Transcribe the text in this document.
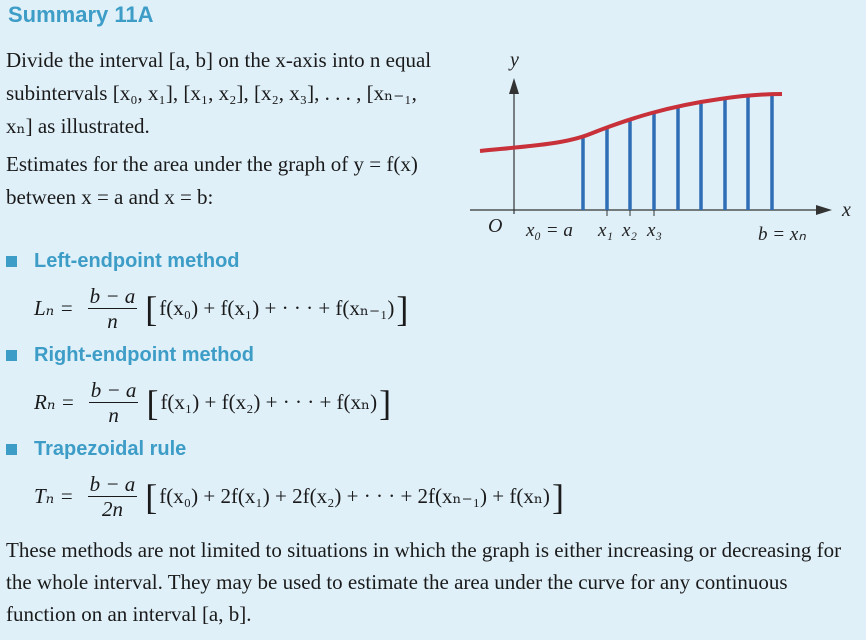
Summary 11A
Divide the interval [a, b] on the x-axis into n equal subintervals [x₀, x₁], [x₁, x₂], [x₂, x₃], . . . , [xₙ₋₁, xₙ] as illustrated.
Estimates for the area under the graph of y = f(x) between x = a and x = b:
y
x
O x₀ = a x₁ x₂ x₃	b = xₙ
Left-endpoint method
$L_n = \frac{b - a}{n}$ [ f(x₀) + f(x₁) + · · · + f(xₙ₋₁) ]
Right-endpoint method
$R_n = \frac{b - a}{n}$ [ f(x₁) + f(x₂) + · · · + f(xₙ) ]
Trapezoidal rule
$T_n = \frac{b - a}{2n}$ [ f(x₀) + 2f(x₁) + 2f(x₂) + · · · + 2f(xₙ₋₁) + f(xₙ) ]
These methods are not limited to situations in which the graph is either increasing or decreasing for the whole interval. They may be used to estimate the area under the curve for any continuous function on an interval [a, b].
